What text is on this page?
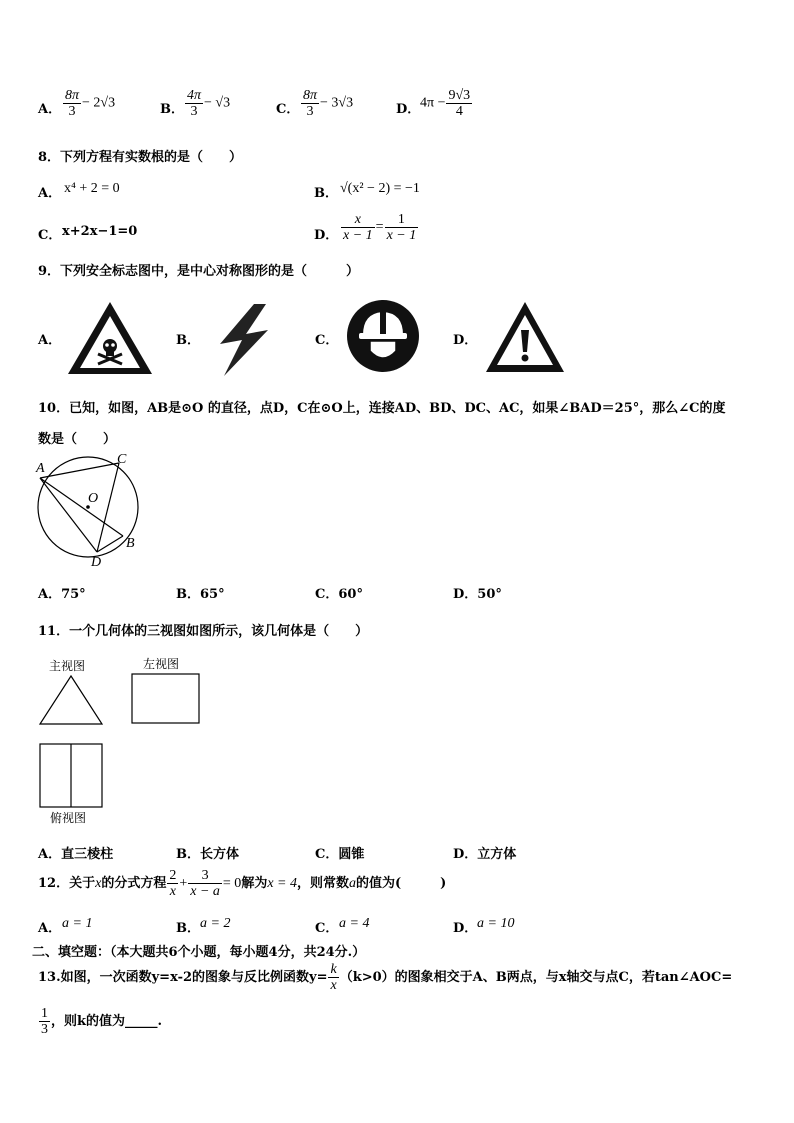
A． $\frac{8\pi}{3} - 2√3$	B． $\frac{4\pi}{3} - √3$	C． $\frac{8\pi}{3} - 3√3$	D． $4\pi - \frac{9√3}{4}$
8．下列方程有实数根的是（　　）
A． x⁴ + 2 = 0	B． √(x² − 2) = −1
C． x+2x−1=0	D． $\frac{x}{x - 1} = \frac{1}{x - 1}$
9．下列安全标志图中，是中心对称图形的是（　　　）
A．	B．	C．	D．
10．已知，如图，AB是⊙O 的直径，点D，C在⊙O上，连接AD、BD、DC、AC，如果∠BAD＝25°，那么∠C的度
数是（　　）
A
C
O
B
D
A．75°	B．65°	C．60°	D．50°
11．一个几何体的三视图如图所示，该几何体是（　　）
主视图	左视图
俯视图
A．直三棱柱	B．长方体	C．圆锥	D．立方体
12．关于x的分式方程 $\frac{2}{x} + \frac{3}{x - a} = 0$解为x = 4，则常数a的值为(　　　)
A． a = 1	B． a = 2	C． a = 4	D． a = 10
二、填空题：（本大题共6个小题，每小题4分，共24分.）
13.如图，一次函数y=x-2的图象与反比例函数$y= \frac{k}{x} (k>0)$的图象相交于A、B两点，与x轴交与点C，若tan∠AOC=
$\frac{1}{3}$ ，则k的值为_____.
